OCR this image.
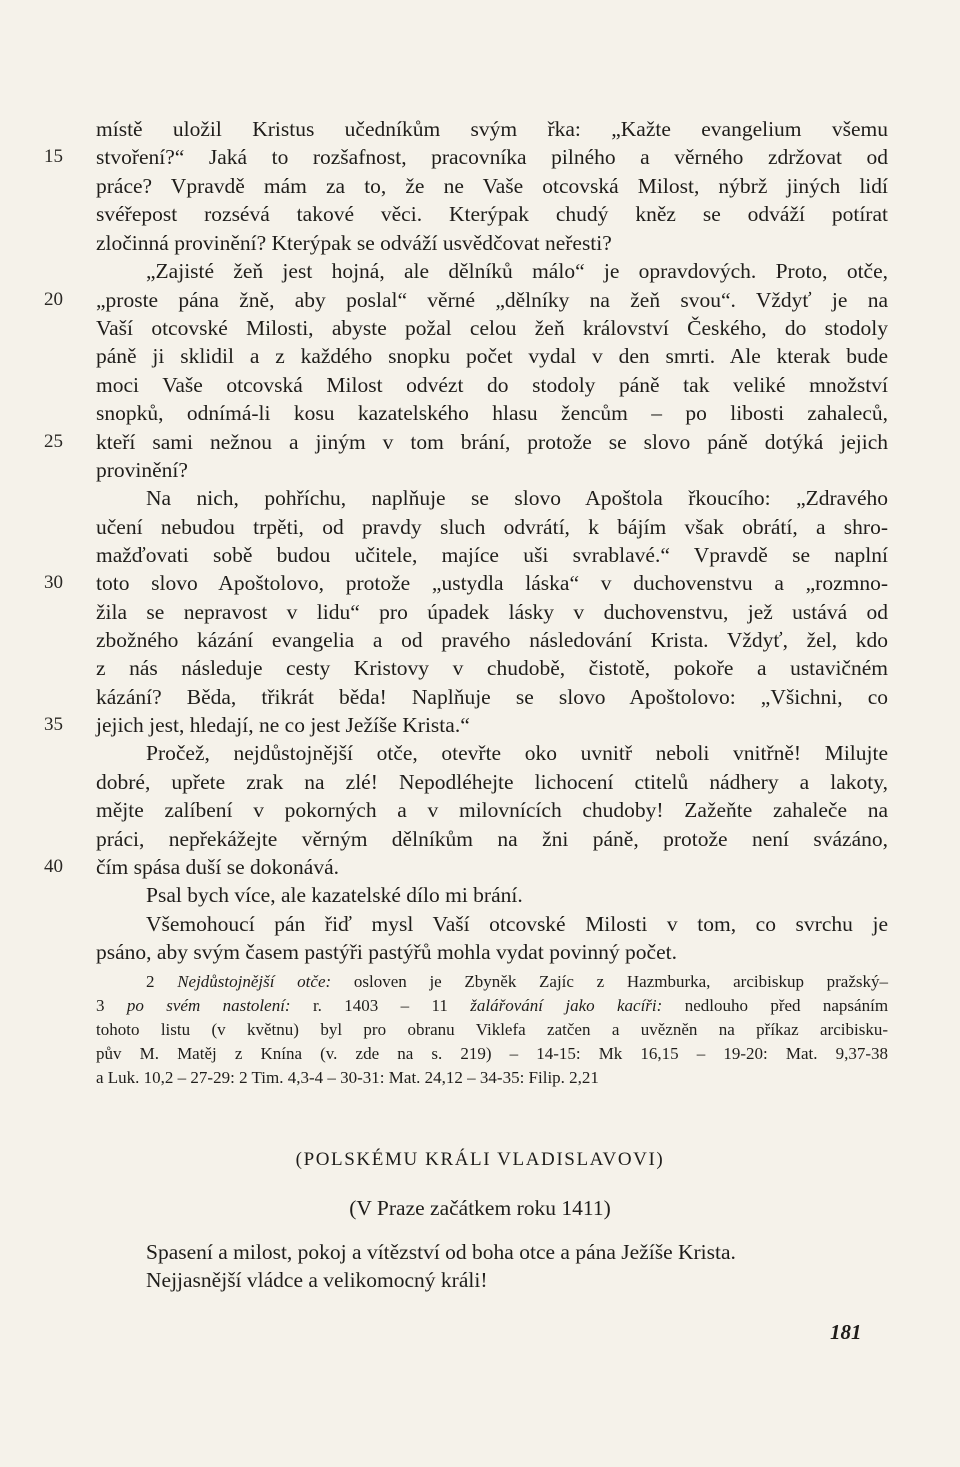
15
20
25
30
35
40
místě uložil Kristus učedníkům svým řka: „Kažte evangelium všemu
stvoření?“ Jaká to rozšafnost, pracovníka pilného a věrného zdržovat od
práce? Vpravdě mám za to, že ne Vaše otcovská Milost, nýbrž jiných lidí
svéřepost rozsévá takové věci. Kterýpak chudý kněz se odváží potírat
zločinná provinění? Kterýpak se odváží usvědčovat neřesti?
„Zajisté žeň jest hojná, ale dělníků málo“ je opravdových. Proto, otče,
„proste pána žně, aby poslal“ věrné „dělníky na žeň svou“. Vždyť je na
Vaší otcovské Milosti, abyste požal celou žeň království Českého, do stodoly
páně ji sklidil a z každého snopku počet vydal v den smrti. Ale kterak bude
moci Vaše otcovská Milost odvézt do stodoly páně tak veliké množství
snopků, odnímá-li kosu kazatelského hlasu žencům – po libosti zahaleců,
kteří sami nežnou a jiným v tom brání, protože se slovo páně dotýká jejich
provinění?
Na nich, pohříchu, naplňuje se slovo Apoštola řkoucího: „Zdravého
učení nebudou trpěti, od pravdy sluch odvrátí, k bájím však obrátí, a shro-
mažďovati sobě budou učitele, majíce uši svrablavé.“ Vpravdě se naplní
toto slovo Apoštolovo, protože „ustydla láska“ v duchovenstvu a „rozmno-
žila se nepravost v lidu“ pro úpadek lásky v duchovenstvu, jež ustává od
zbožného kázání evangelia a od pravého následování Krista. Vždyť, žel, kdo
z nás následuje cesty Kristovy v chudobě, čistotě, pokoře a ustavičném
kázání? Běda, třikrát běda! Naplňuje se slovo Apoštolovo: „Všichni, co
jejich jest, hledají, ne co jest Ježíše Krista.“
Pročež, nejdůstojnější otče, otevřte oko uvnitř neboli vnitřně! Milujte
dobré, upřete zrak na zlé! Nepodléhejte lichocení ctitelů nádhery a lakoty,
mějte zalíbení v pokorných a v milovnících chudoby! Zažeňte zahaleče na
práci, nepřekážejte věrným dělníkům na žni páně, protože není svázáno,
čím spása duší se dokonává.
Psal bych více, ale kazatelské dílo mi brání.
Všemohoucí pán řiď mysl Vaší otcovské Milosti v tom, co svrchu je
psáno, aby svým časem pastýři pastýřů mohla vydat povinný počet.
2 Nejdůstojnější otče: osloven je Zbyněk Zajíc z Hazmburka, arcibiskup pražský–
3 po svém nastolení: r. 1403 – 11 žalářování jako kacíři: nedlouho před napsáním
tohoto listu (v květnu) byl pro obranu Viklefa zatčen a uvězněn na příkaz arcibisku-
pův M. Matěj z Knína (v. zde na s. 219) – 14-15: Mk 16,15 – 19-20: Mat. 9,37-38
a Luk. 10,2 – 27-29: 2 Tim. 4,3-4 – 30-31: Mat. 24,12 – 34-35: Filip. 2,21
(POLSKÉMU KRÁLI VLADISLAVOVI)
(V Praze začátkem roku 1411)
Spasení a milost, pokoj a vítězství od boha otce a pána Ježíše Krista.
Nejjasnější vládce a velikomocný králi!
181
